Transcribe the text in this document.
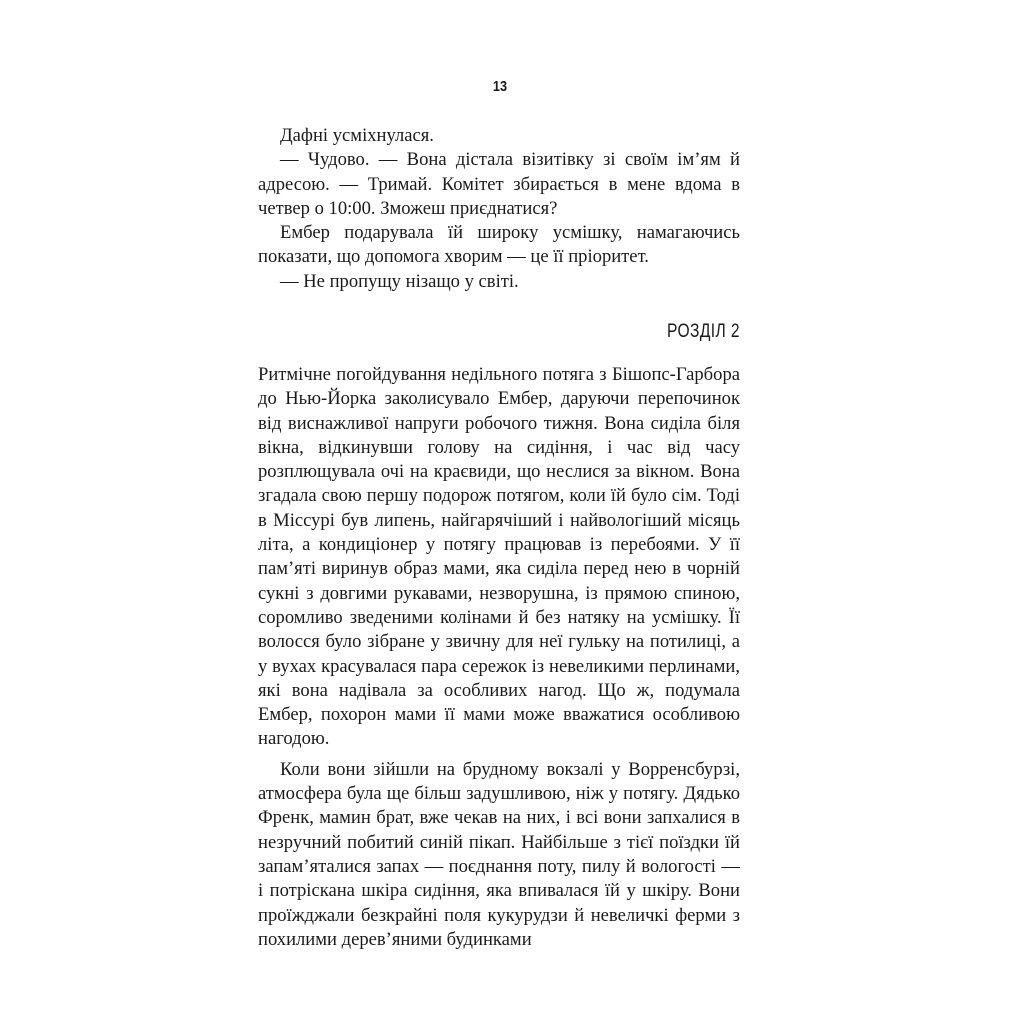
13

Дафні усміхнулася.

— Чудово. — Вона дістала візитівку зі своїм ім’ям й адресою. — Тримай. Комітет збирається в мене вдома в четвер о 10:00. Зможеш приєднатися?

Ембер подарувала їй широку усмішку, намагаючись показати, що допомога хворим — це її пріоритет.

— Не пропущу нізащо у світі.

РОЗДІЛ 2

Ритмічне погойдування недільного потяга з Бішопс-Гарбора до Нью-Йорка заколисувало Ембер, даруючи перепочинок від виснажливої напруги робочого тижня. Вона сиділа біля вікна, відкинувши голову на сидіння, і час від часу розплющувала очі на краєвиди, що неслися за вікном. Вона згадала свою першу подорож потягом, коли їй було сім. Тоді в Міссурі був липень, найгарячіший і найвологіший місяць літа, а кондиціонер у потягу працював із перебоями. У її пам’яті виринув образ мами, яка сиділа перед нею в чорній сукні з довгими рукавами, незворушна, із прямою спиною, соромливо зведеними колінами й без натяку на усмішку. Її волосся було зібране у звичну для неї гульку на потилиці, а у вухах красувалася пара сережок із невеликими перлинами, які вона надівала за особливих нагод. Що ж, подумала Ембер, похорон мами її мами може вважатися особливою нагодою.

Коли вони зійшли на брудному вокзалі у Ворренсбурзі, атмосфера була ще більш задушливою, ніж у потягу. Дядько Френк, мамин брат, вже чекав на них, і всі вони запхалися в незручний побитий синій пікап. Найбільше з тієї поїздки їй запам’яталися запах — поєднання поту, пилу й вологості — і потріскана шкіра сидіння, яка впивалася їй у шкіру. Вони проїжджали безкрайні поля кукурудзи й невеличкі ферми з похилими дерев’яними будинками
